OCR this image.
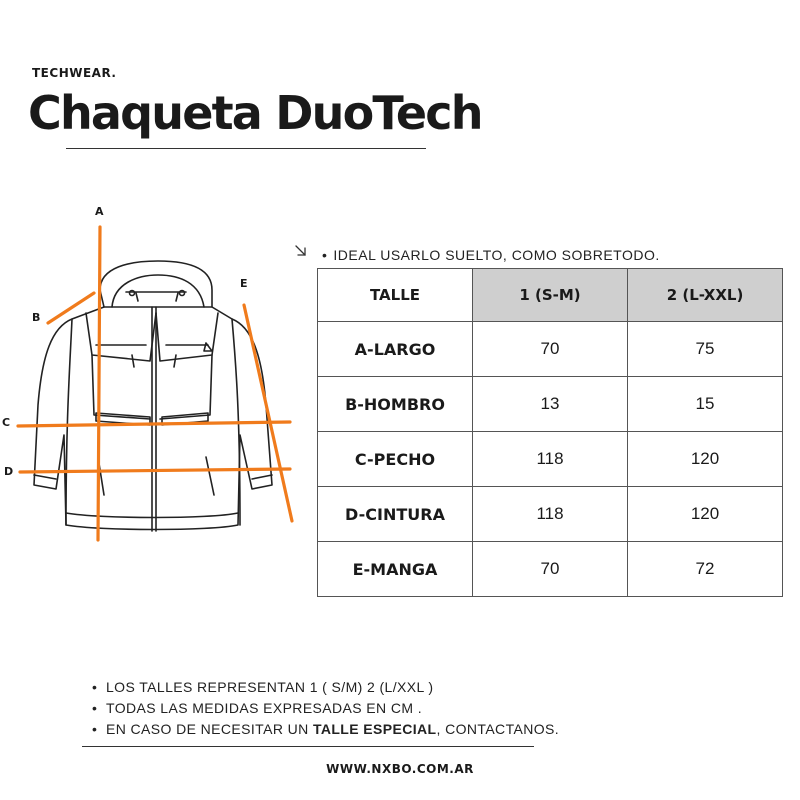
TECHWEAR.
Chaqueta DuoTech
A
B
C
D
E
• IDEAL USARLO SUELTO, COMO SOBRETODO.
TALLE	1 (S-M)	2 (L-XXL)
A-LARGO	70	75
B-HOMBRO	13	15
C-PECHO	118	120
D-CINTURA	118	120
E-MANGA	70	72
• LOS TALLES REPRESENTAN 1 ( S/M) 2 (L/XXL )
• TODAS LAS MEDIDAS EXPRESADAS EN CM .
• EN CASO DE NECESITAR UN TALLE ESPECIAL, CONTACTANOS.
WWW.NXBO.COM.AR
